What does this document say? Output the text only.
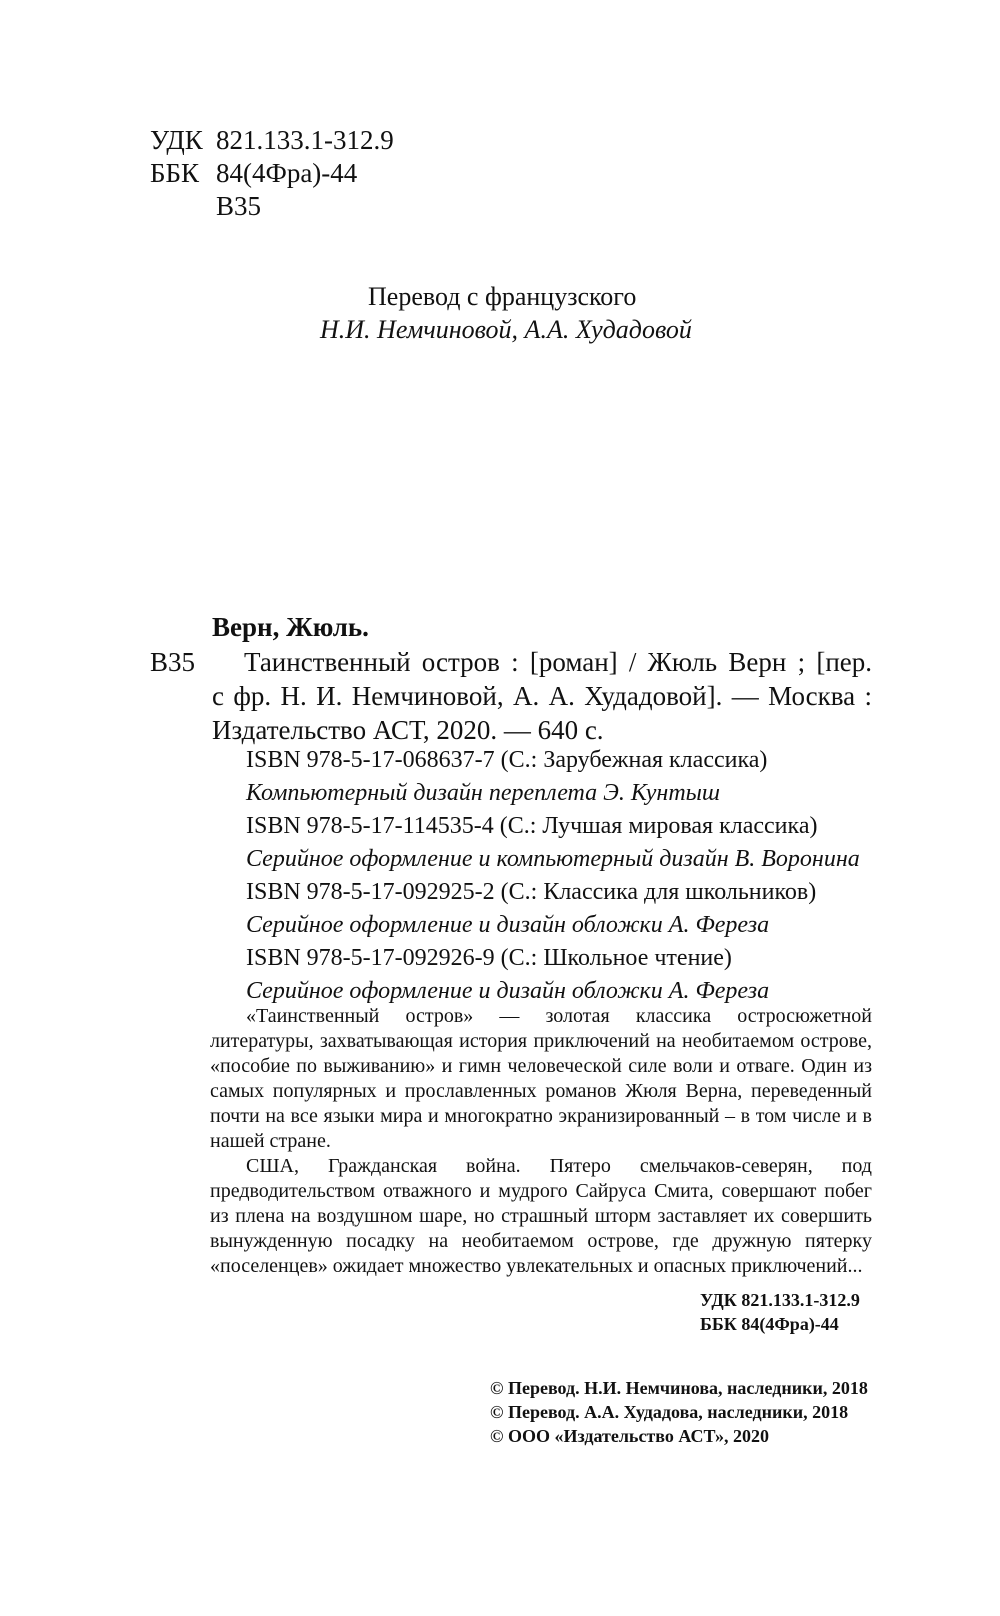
УДК 821.133.1-312.9
ББК 84(4Фра)-44
В35
Перевод с французского
Н.И. Немчиновой, А.А. Худадовой
Верн, Жюль.
В35 Таинственный остров : [роман] / Жюль Верн ; [пер.
с фр. Н. И. Немчиновой, А. А. Худадовой]. — Москва :
Издательство АСТ, 2020. — 640 с.
ISBN 978-5-17-068637-7 (С.: Зарубежная классика)
Компьютерный дизайн переплета Э. Кунтыш
ISBN 978-5-17-114535-4 (С.: Лучшая мировая классика)
Серийное оформление и компьютерный дизайн В. Воронина
ISBN 978-5-17-092925-2 (С.: Классика для школьников)
Серийное оформление и дизайн обложки А. Фереза
ISBN 978-5-17-092926-9 (С.: Школьное чтение)
Серийное оформление и дизайн обложки А. Фереза

«Таинственный остров» — золотая классика остросюжетной литературы, захватывающая история приключений на необитаемом острове, «пособие по выживанию» и гимн человеческой силе воли и отваге. Один из самых популярных и прославленных романов Жюля Верна, переведенный почти на все языки мира и многократно экранизированный – в том числе и в нашей стране.

США, Гражданская война. Пятеро смельчаков-северян, под предводительством отважного и мудрого Сайруса Смита, совершают побег из плена на воздушном шаре, но страшный шторм заставляет их совершить вынужденную посадку на необитаемом острове, где дружную пятерку «поселенцев» ожидает множество увлекательных и опасных приключений...

УДК 821.133.1-312.9
ББК 84(4Фра)-44
© Перевод. Н.И. Немчинова, наследники, 2018
© Перевод. А.А. Худадова, наследники, 2018
© ООО «Издательство АСТ», 2020
